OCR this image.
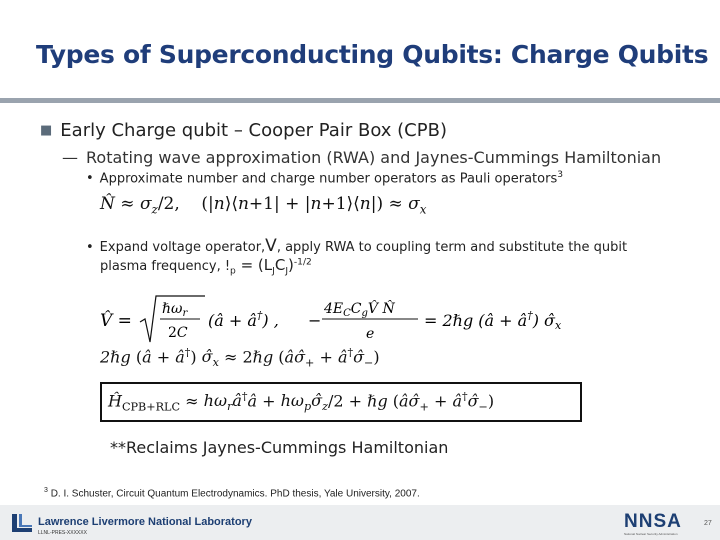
Types of Superconducting Qubits: Charge Qubits
■ Early Charge qubit – Cooper Pair Box (CPB)
— Rotating wave approximation (RWA) and Jaynes-Cummings Hamiltonian
• Approximate number and charge number operators as Pauli operators$^3$
N̂ ≈ $\sigma_z/2$,    (|n⟩⟨n+1| + |n+1⟩⟨n|) ≈ $\sigma_x$
• Expand voltage operator,V, apply RWA to coupling term and substitute the qubit
plasma frequency, $!_p = (L_JC_J)^{-1/2}$
V̂ =
ℏω$_r$
2C
(â + â†) , −
$4E_CC_gV̂$ N̂
e
= 2ℏg (â + â†) σ̂x
2ℏg (â + â†) $\sigmâ_x$ ≈ 2ℏg ($â\sigmâ_+$ + $â^\dagger\sigmâ_-$)
$Ĥ_{CPB+RLC}$ ≈ $h\omega_râ^\dagger â$ + $h\omega_p\sigmâ_z/2$ + ℏg ($â\sigmâ_+$ + $â^\dagger\sigmâ_-$)
**Reclaims Jaynes-Cummings Hamiltonian
$^3$ D. I. Schuster, Circuit Quantum Electrodynamics. PhD thesis, Yale University, 2007.
Lawrence Livermore National Laboratory
LLNL-PRES-XXXXXX
NNSA
National Nuclear Security Administration
27
